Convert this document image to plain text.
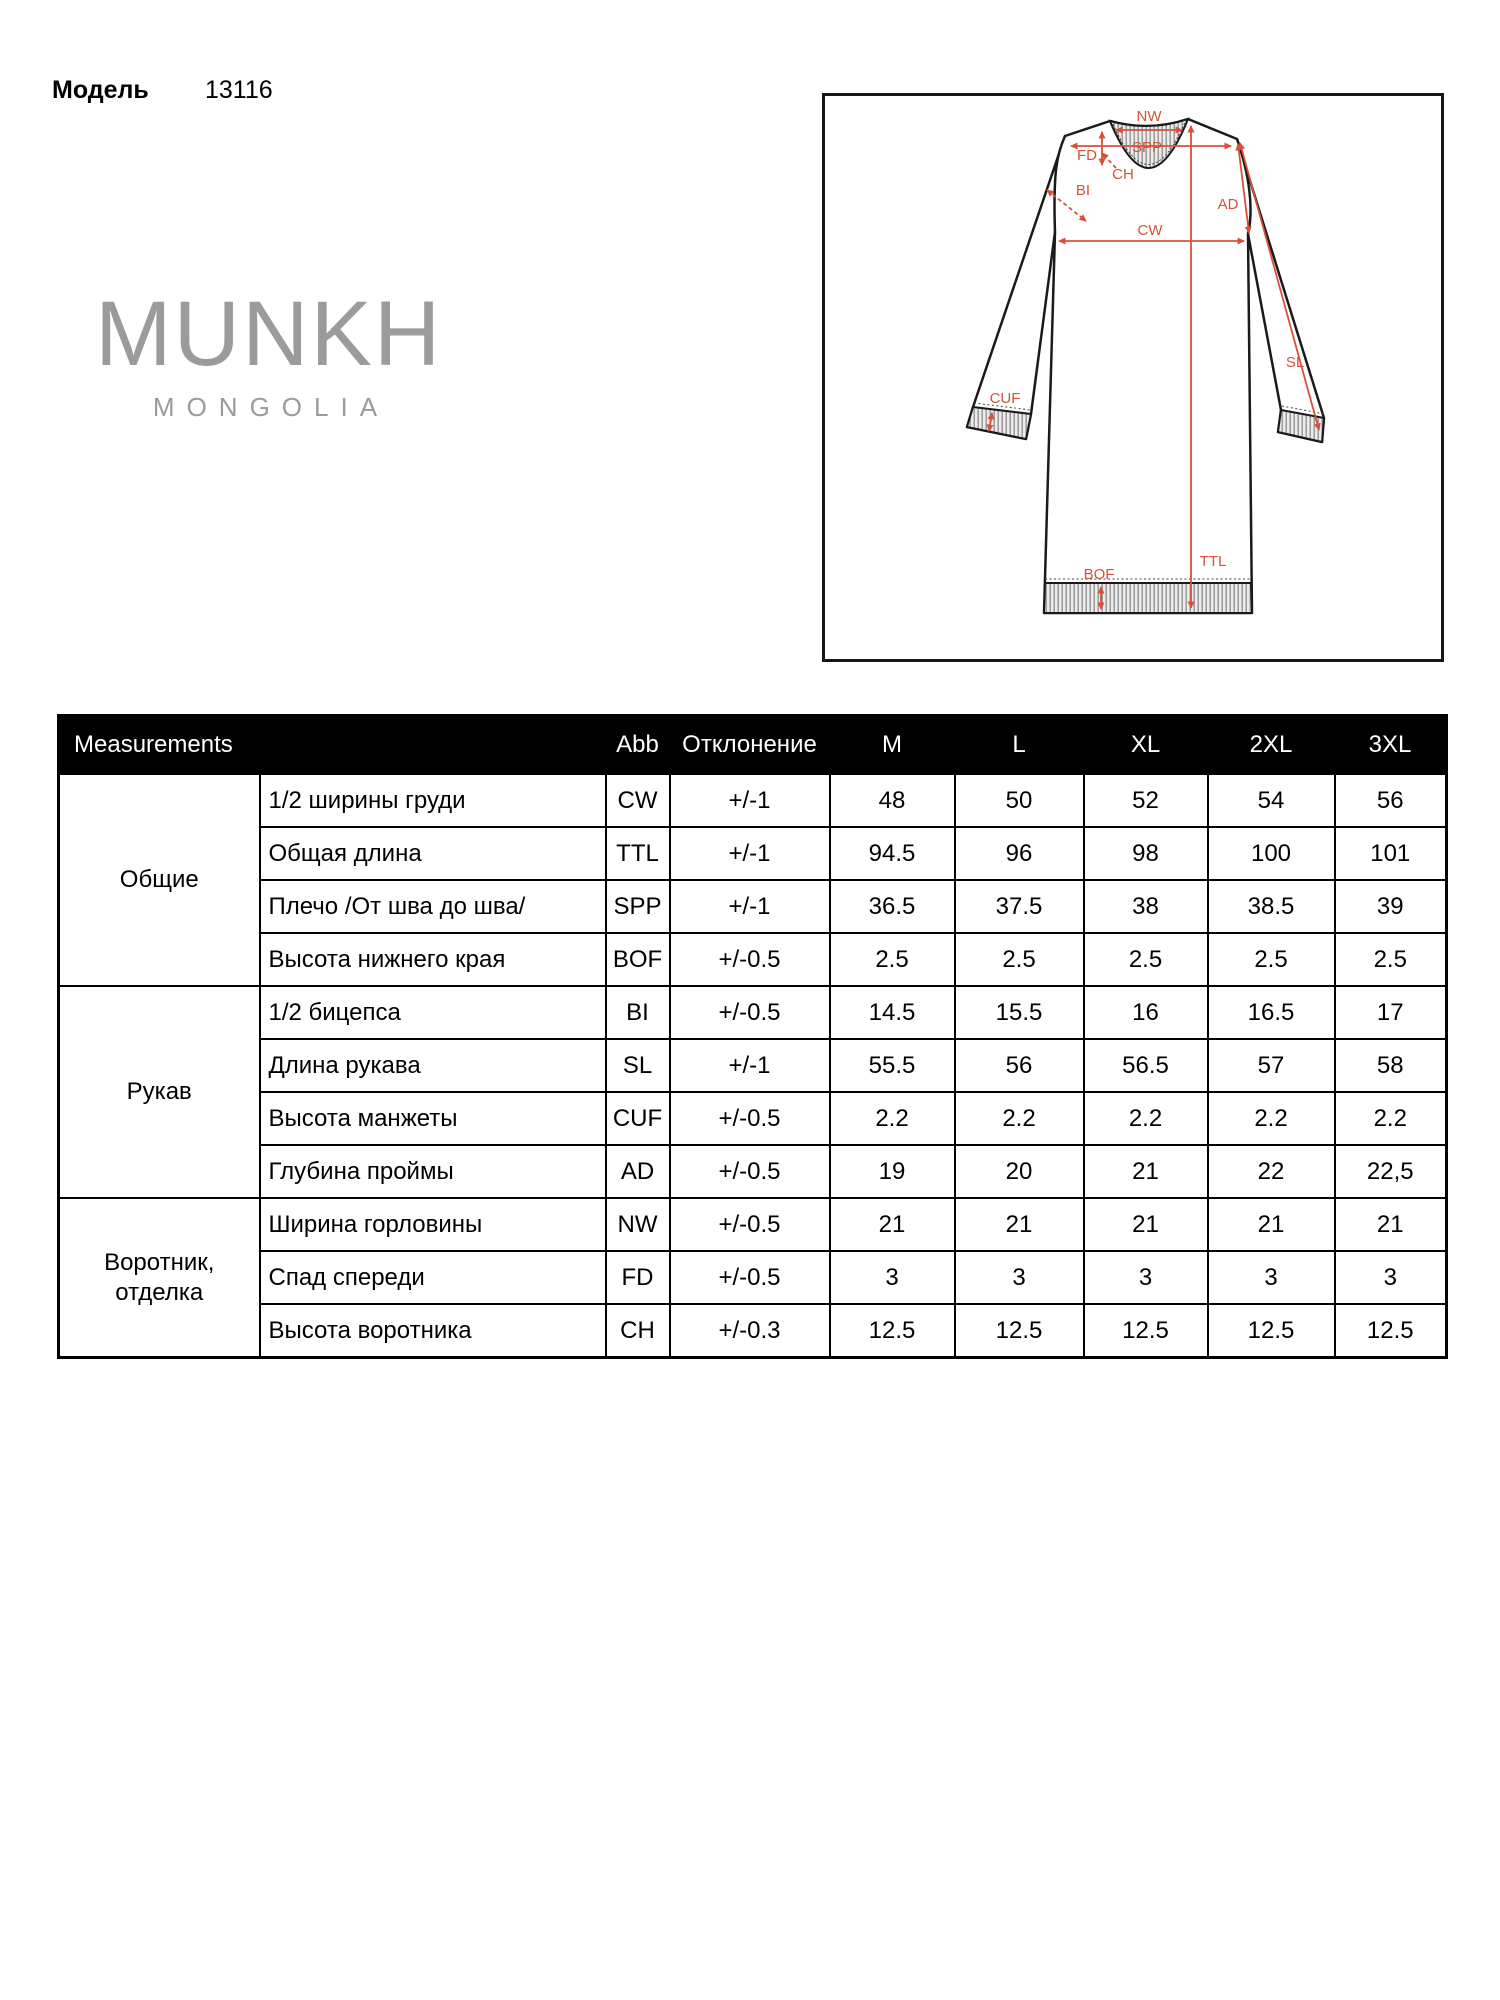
Модель 13116
MUNKH
MONGOLIA
NW
SPP
FD
CH
BI
AD
CW
SL
CUF
TTL
BOF
Measurements		Abb	Отклонение	M	L	XL	2XL	3XL
Общие	1/2 ширины груди	CW	+/-1	48	50	52	54	56
	Общая длина	TTL	+/-1	94.5	96	98	100	101
	Плечо /От шва до шва/	SPP	+/-1	36.5	37.5	38	38.5	39
	Высота нижнего края	BOF	+/-0.5	2.5	2.5	2.5	2.5	2.5
Рукав	1/2 бицепса	BI	+/-0.5	14.5	15.5	16	16.5	17
	Длина рукава	SL	+/-1	55.5	56	56.5	57	58
	Высота манжеты	CUF	+/-0.5	2.2	2.2	2.2	2.2	2.2
	Глубина проймы	AD	+/-0.5	19	20	21	22	22,5
Воротник, отделка	Ширина горловины	NW	+/-0.5	21	21	21	21	21
	Спад спереди	FD	+/-0.5	3	3	3	3	3
	Высота воротника	CH	+/-0.3	12.5	12.5	12.5	12.5	12.5
